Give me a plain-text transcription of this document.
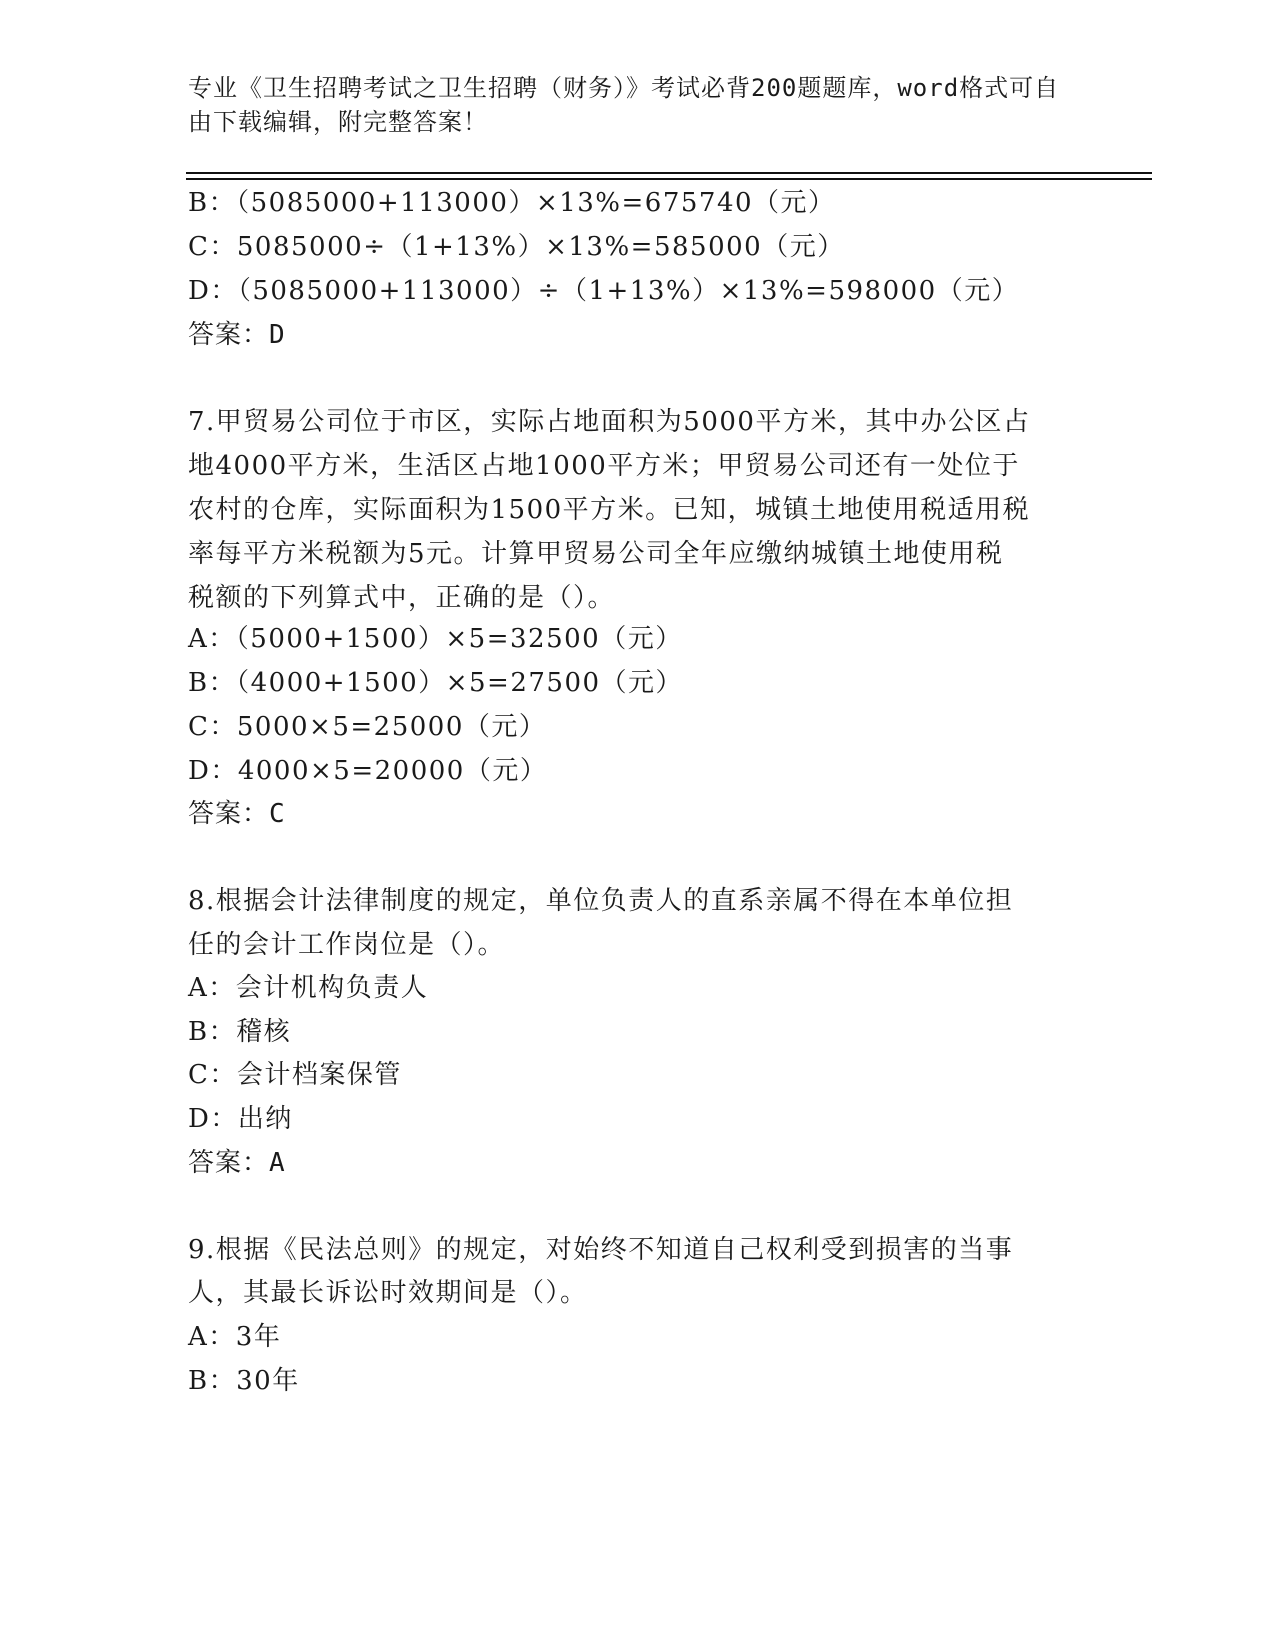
专业《卫生招聘考试之卫生招聘（财务）》考试必背200题题库，word格式可自
由下载编辑，附完整答案！
B：（5085000+113000）×13%=675740（元）
C：5085000÷（1+13%）×13%=585000（元）
D：（5085000+113000）÷（1+13%）×13%=598000（元）
答案：D
7.甲贸易公司位于市区，实际占地面积为5000平方米，其中办公区占
地4000平方米，生活区占地1000平方米；甲贸易公司还有一处位于
农村的仓库，实际面积为1500平方米。已知，城镇土地使用税适用税
率每平方米税额为5元。计算甲贸易公司全年应缴纳城镇土地使用税
税额的下列算式中，正确的是（）。
A：（5000+1500）×5=32500（元）
B：（4000+1500）×5=27500（元）
C：5000×5=25000（元）
D：4000×5=20000（元）
答案：C
8.根据会计法律制度的规定，单位负责人的直系亲属不得在本单位担
任的会计工作岗位是（）。
A：会计机构负责人
B：稽核
C：会计档案保管
D：出纳
答案：A
9.根据《民法总则》的规定，对始终不知道自己权利受到损害的当事
人，其最长诉讼时效期间是（）。
A：3年
B：30年
